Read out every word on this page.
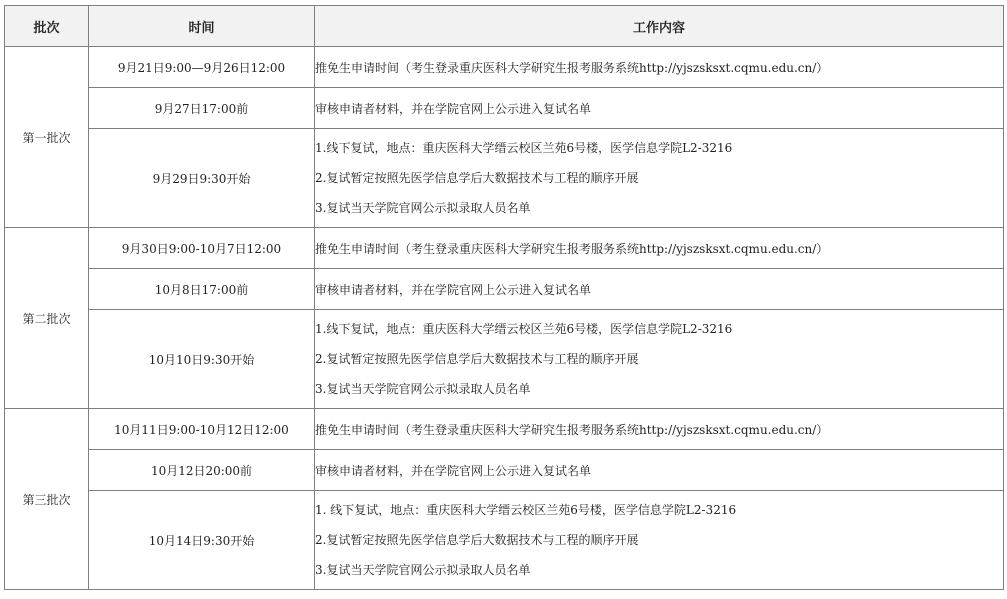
批次	时间	工作内容
第一批次	9月21日9:00—9月26日12:00	推免生申请时间（考生登录重庆医科大学研究生报考服务系统http://yjszsksxt.cqmu.edu.cn/）
	9月27日17:00前	审核申请者材料，并在学院官网上公示进入复试名单
	9月29日9:30开始	1.线下复试，地点：重庆医科大学缙云校区兰苑6号楼，医学信息学院L2-3216
2.复试暂定按照先医学信息学后大数据技术与工程的顺序开展
3.复试当天学院官网公示拟录取人员名单

第二批次	9月30日9:00-10月7日12:00	推免生申请时间（考生登录重庆医科大学研究生报考服务系统http://yjszsksxt.cqmu.edu.cn/）
	10月8日17:00前	审核申请者材料，并在学院官网上公示进入复试名单
	10月10日9:30开始	1.线下复试，地点：重庆医科大学缙云校区兰苑6号楼，医学信息学院L2-3216
2.复试暂定按照先医学信息学后大数据技术与工程的顺序开展
3.复试当天学院官网公示拟录取人员名单

第三批次	10月11日9:00-10月12日12:00	推免生申请时间（考生登录重庆医科大学研究生报考服务系统http://yjszsksxt.cqmu.edu.cn/）
	10月12日20:00前	审核申请者材料，并在学院官网上公示进入复试名单
	10月14日9:30开始	1. 线下复试，地点：重庆医科大学缙云校区兰苑6号楼，医学信息学院L2-3216
2.复试暂定按照先医学信息学后大数据技术与工程的顺序开展
3.复试当天学院官网公示拟录取人员名单
